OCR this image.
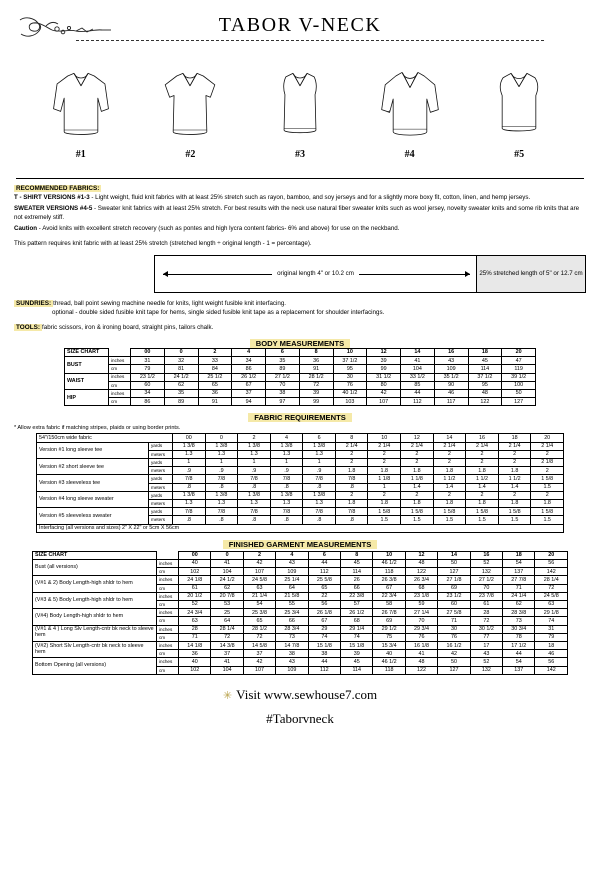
TABOR V-NECK
#1	#2	#3	#4	#5
RECOMMENDED FABRICS:
T - SHIRT VERSIONS #1-3 - Light weight, fluid knit fabrics with at least 25% stretch such as rayon, bamboo, and soy jerseys and for a slightly more boxy fit, cotton, linen, and hemp jerseys.
SWEATER VERSIONS #4-5 - Sweater knit fabrics with at least 25% stretch. For best results with the neck use natural fiber sweater knits such as wool jersey, novelty sweater knits and some rib knits that are not extremely stiff.
Caution - Avoid knits with excellent stretch recovery (such as pontes and high lycra content fabrics- 6% and above) for use on the neckband.
This pattern requires knit fabric with at least 25% stretch (stretched length ÷ original length - 1 = percentage).
original length 4" or 10.2 cm	25% stretched length of 5" or 12.7 cm
SUNDRIES: thread, ball point sewing machine needle for knits, light weight fusible knit interfacing.
optional - double sided fusible knit tape for hems, single sided fusible knit tape as a replacement for shoulder interfacings.
TOOLS: fabric scissors, iron & ironing board, straight pins, tailors chalk.
BODY MEASUREMENTS
SIZE CHART		00	0	2	4	6	8	10	12	14	16	18	20
BUST	inches	31	32	33	34	35	36	37 1/2	39	41	43	45	47
	cm	79	81	84	86	89	91	95	99	104	109	114	119
WAIST	inches	23 1/2	24 1/2	25 1/2	26 1/2	27 1/2	28 1/2	30	31 1/2	33 1/2	35 1/2	37 1/2	39 1/2
	cm	60	62	65	67	70	72	76	80	85	90	95	100
HIP	inches	34	35	36	37	38	39	40 1/2	42	44	46	48	50
	cm	86	89	91	94	97	99	103	107	112	117	122	127
FABRIC REQUIREMENTS
* Allow extra fabric if matching stripes, plaids or using border prints.
54"/150cm wide fabric		00	0	2	4	6	8	10	12	14	16	18	20
Version #1 long sleeve tee	yards	1 3/8	1 3/8	1 3/8	1 3/8	1 3/8	2 1/4	2 1/4	2 1/4	2 1/4	2 1/4	2 1/4	2 1/4
	meters	1.3	1.3	1.3	1.3	1.3	2	2	2	2	2	2	2
Version #2 short sleeve tee	yards	1	1	1	1	1	2	2	2	2	2	2	2 1/8
	meters	.9	.9	.9	.9	.9	1.8	1.8	1.8	1.8	1.8	1.8	2
Version #3 sleeveless tee	yards	7/8	7/8	7/8	7/8	7/8	7/8	1 1/8	1 1/8	1 1/2	1 1/2	1 1/2	1 5/8
	meters	.8	.8	.8	.8	.8	.8	1	1.4	1.4	1.4	1.4	1.5
Version #4 long sleeve sweater	yards	1 3/8	1 3/8	1 3/8	1 3/8	1 3/8	2	2	2	2	2	2	2
	meters	1.3	1.3	1.3	1.3	1.3	1.8	1.8	1.8	1.8	1.8	1.8	1.8
Version #5 sleeveless sweater	yards	7/8	7/8	7/8	7/8	7/8	7/8	1 5/8	1 5/8	1 5/8	1 5/8	1 5/8	1 5/8
	meters	.8	.8	.8	.8	.8	.8	1.5	1.5	1.5	1.5	1.5	1.5
Interfacing (all versions and sizes) 2" X 22" or 5cm X 56cm													
FINISHED GARMENT MEASUREMENTS
SIZE CHART		00	0	2	4	6	8	10	12	14	16	18	20
Bust (all versions)	inches	40	41	42	43	44	45	46 1/2	48	50	52	54	56
	cm	102	104	107	109	112	114	118	122	127	132	137	142
(V#1 & 2) Body Length-high shldr to hem	inches	24 1/8	24 1/2	24 5/8	25 1/4	25 5/8	26	26 3/8	26 3/4	27 1/8	27 1/2	27 7/8	28 1/4
	cm	61	62	63	64	65	66	67	68	69	70	71	72
(V#3 & 5) Body Length-high shldr to hem	inches	20 1/2	20 7/8	21 1/4	21 5/8	22	22 3/8	22 3/4	23 1/8	23 1/2	23 7/8	24 1/4	24 5/8
	cm	52	53	54	55	56	57	58	59	60	61	62	63
(V#4) Body Length-high shldr to hem	inches	24 3/4	25	25 3/8	25 3/4	26 1/8	26 1/2	26 7/8	27 1/4	27 5/8	28	28 3/8	29 1/8
	cm	63	64	65	66	67	68	69	70	71	72	73	74
(V#1 & 4 ) Long Slv Length-cntr bk neck to sleeve hem	inches	28	28 1/4	28 1/2	28 3/4	29	29 1/4	29 1/2	29 3/4	30	30 1/2	30 3/4	31
	cm	71	72	72	73	74	74	75	76	76	77	78	79
(V#2) Short Slv Length-cntr bk neck to sleeve hem	inches	14 1/8	14 3/8	14 5/8	14 7/8	15 1/8	15 1/8	15 3/4	16 1/8	16 1/2	17	17 1/2	18
	cm	36	37	37	38	38	39	40	41	42	43	44	46
Bottom Opening (all versions)	inches	40	41	42	43	44	45	46 1/2	48	50	52	54	56
	cm	102	104	107	109	112	114	118	122	127	132	137	142
✳ Visit www.sewhouse7.com
#Taborvneck
